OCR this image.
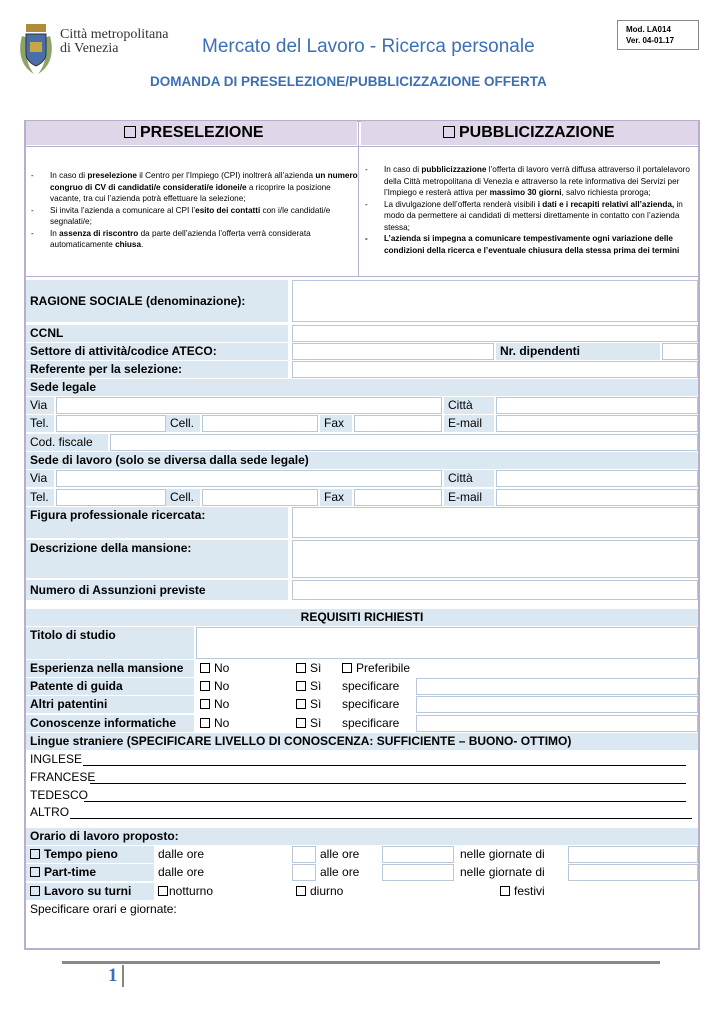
Città metropolitana
di Venezia	Mercato del Lavoro - Ricerca personale
DOMANDA DI PRESELEZIONE/PUBBLICIZZAZIONE OFFERTA
Mod. LA014
Ver. 04-01.17
PRESELEZIONE	PUBBLICIZZAZIONE
- In caso di preselezione il Centro per l’Impiego (CPI) inoltrerà all’azienda un numero congruo di CV di candidati/e considerati/e idonei/e a ricoprire la posizione vacante, tra cui l’azienda potrà effettuare la selezione;
- Si invita l’azienda a comunicare al CPI l’esito dei contatti con i/le candidati/e segnalati/e;
- In assenza di riscontro da parte dell’azienda l’offerta verrà considerata automaticamente chiusa.
- In caso di pubblicizzazione l’offerta di lavoro verrà diffusa attraverso il portalelavoro della Città metropolitana di Venezia e attraverso la rete informativa dei Servizi per l’Impiego e resterà attiva per massimo 30 giorni, salvo richiesta proroga;
- La divulgazione dell’offerta renderà visibili i dati e i recapiti relativi all’azienda, in modo da permettere ai candidati di mettersi direttamente in contatto con l’azienda stessa;
- L’azienda si impegna a comunicare tempestivamente ogni variazione delle condizioni della ricerca e l’eventuale chiusura della stessa prima dei termini
RAGIONE SOCIALE (denominazione):
CCNL
Settore di attività/codice ATECO:	Nr. dipendenti
Referente per la selezione:
Sede legale
Via	Città
Tel.	Cell.	Fax	E-mail
Cod. fiscale
Sede di lavoro (solo se diversa dalla sede legale)
Via	Città
Tel.	Cell.	Fax	E-mail
Figura professionale ricercata:
Descrizione della mansione:
Numero di Assunzioni previste
REQUISITI RICHIESTI
Titolo di studio
Esperienza nella mansione	No	Sì	Preferibile
Patente di guida	No	Sì specificare
Altri patentini	No	Sì specificare
Conoscenze informatiche	No	Sì specificare
Lingue straniere (SPECIFICARE LIVELLO DI CONOSCENZA: SUFFICIENTE – BUONO- OTTIMO)
INGLESE
FRANCESE
TEDESCO
ALTRO
Orario di lavoro proposto:
Tempo pieno	dalle ore	alle ore	nelle giornate di
Part-time	dalle ore	alle ore	nelle giornate di
Lavoro su turni	notturno	diurno	festivi
Specificare orari e giornate:
1
